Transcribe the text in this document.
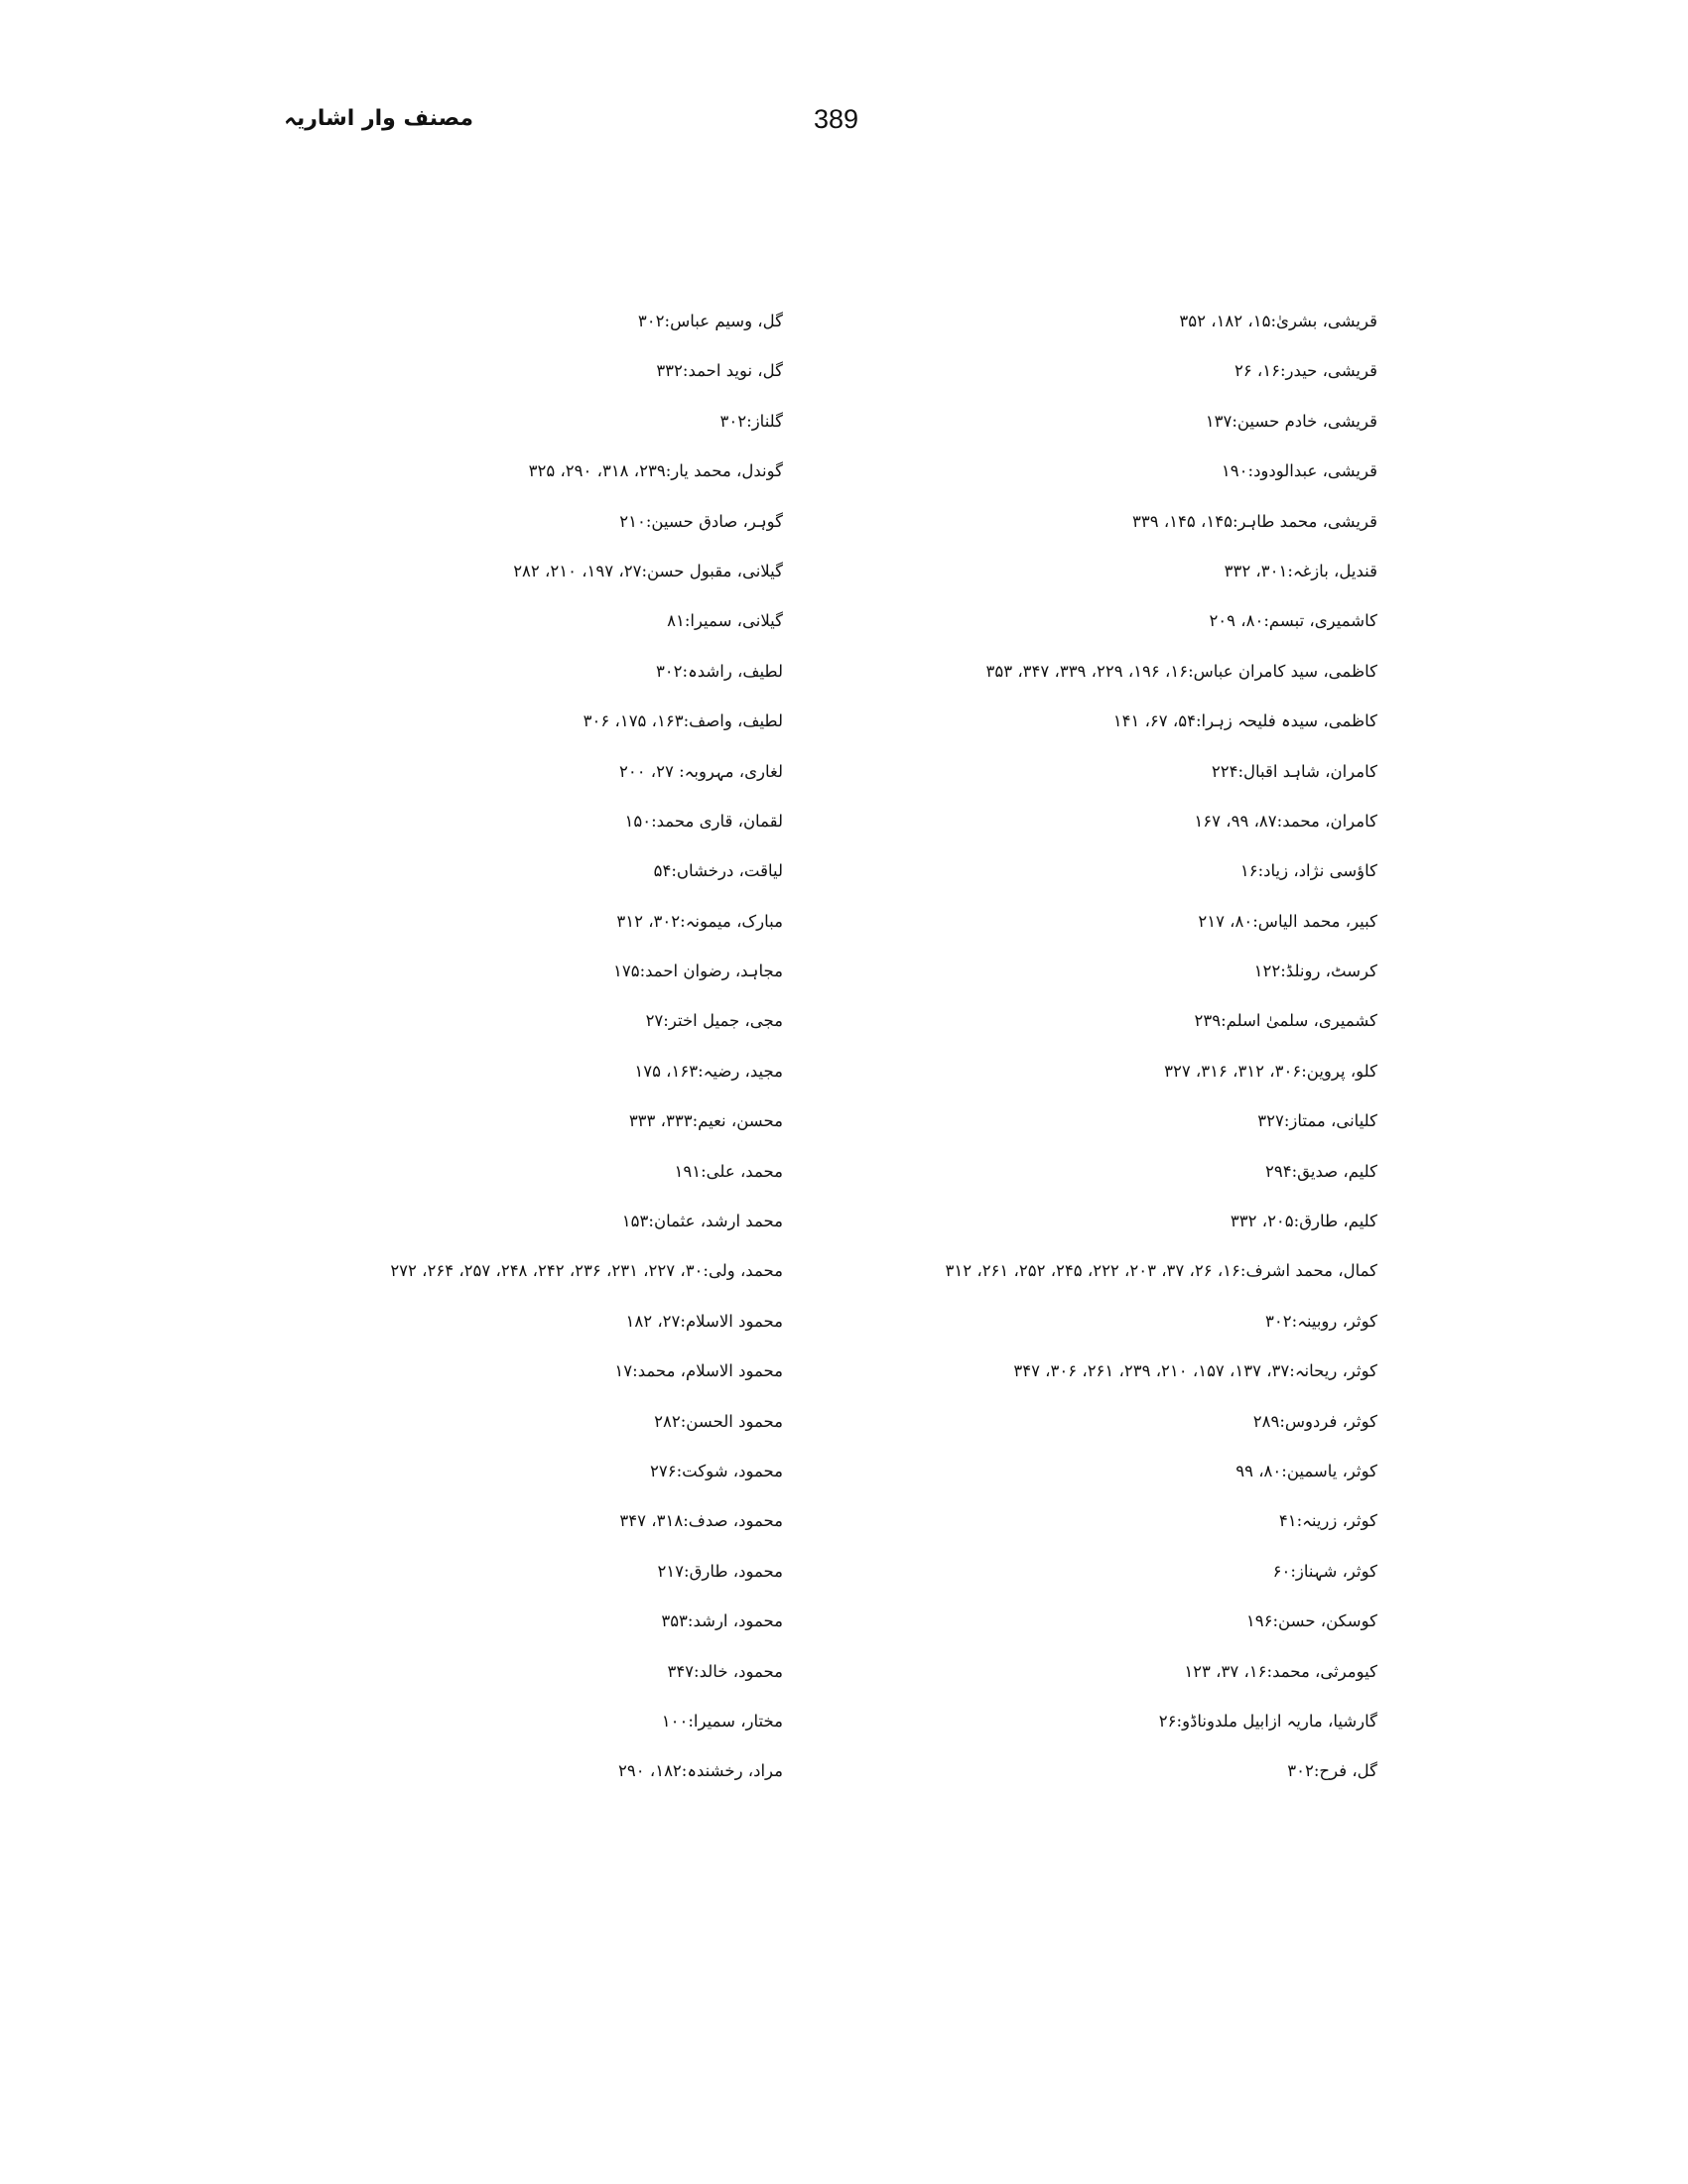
مصنف وار اشاریہ	389
قریشی، بشریٰ:۱۵، ۱۸۲، ۳۵۲
قریشی، حیدر:۱۶، ۲۶
قریشی، خادم حسین:۱۳۷
قریشی، عبدالودود:۱۹۰
قریشی، محمد طاہر:۱۴۵، ۱۴۵، ۳۳۹
قندیل، بازغہ:۳۰۱، ۳۳۲
کاشمیری، تبسم:۸۰، ۲۰۹
کاظمی، سید کامران عباس:۱۶، ۱۹۶، ۲۲۹، ۳۳۹، ۳۴۷، ۳۵۳
کاظمی، سیدہ فلیحہ زہرا:۵۴، ۶۷، ۱۴۱
کامران، شاہد اقبال:۲۲۴
کامران، محمد:۸۷، ۹۹، ۱۶۷
کاؤسی نژاد، زیاد:۱۶
کبیر، محمد الیاس:۸۰، ۲۱۷
کرسٹ، رونلڈ:۱۲۲
کشمیری، سلمیٰ اسلم:۲۳۹
کلو، پروین:۳۰۶، ۳۱۲، ۳۱۶، ۳۲۷
کلیانی، ممتاز:۳۲۷
کلیم، صدیق:۲۹۴
کلیم، طارق:۲۰۵، ۳۳۲
کمال، محمد اشرف:۱۶، ۲۶، ۳۷، ۲۰۳، ۲۲۲، ۲۴۵، ۲۵۲، ۲۶۱، ۳۱۲
کوثر، روبینہ:۳۰۲
کوثر، ریحانہ:۳۷، ۱۳۷، ۱۵۷، ۲۱۰، ۲۳۹، ۲۶۱، ۳۰۶، ۳۴۷
کوثر، فردوس:۲۸۹
کوثر، یاسمین:۸۰، ۹۹
کوثر، زرینہ:۴۱
کوثر، شہناز:۶۰
کوسکن، حسن:۱۹۶
کیومرثی، محمد:۱۶، ۳۷، ۱۲۳
گارشیا، ماریہ ازابیل ملدوناڈو:۲۶
گل، فرح:۳۰۲
گل، وسیم عباس:۳۰۲
گل، نوید احمد:۳۳۲
گلناز:۳۰۲
گوندل، محمد یار:۲۳۹، ۳۱۸، ۲۹۰، ۳۲۵
گوہر، صادق حسین:۲۱۰
گیلانی، مقبول حسن:۲۷، ۱۹۷، ۲۱۰، ۲۸۲
گیلانی، سمیرا:۸۱
لطیف، راشدہ:۳۰۲
لطیف، واصف:۱۶۳، ۱۷۵، ۳۰۶
لغاری، مہروبہ: ۲۷، ۲۰۰
لقمان، قاری محمد:۱۵۰
لیاقت، درخشاں:۵۴
مبارک، میمونہ:۳۰۲، ۳۱۲
مجاہد، رضوان احمد:۱۷۵
مجی، جمیل اختر:۲۷
مجید، رضیہ:۱۶۳، ۱۷۵
محسن، نعیم:۳۳۳، ۳۳۳
محمد، علی:۱۹۱
محمد ارشد، عثمان:۱۵۳
محمد، ولی:۳۰، ۲۲۷، ۲۳۱، ۲۳۶، ۲۴۲، ۲۴۸، ۲۵۷، ۲۶۴، ۲۷۲
محمود الاسلام:۲۷، ۱۸۲
محمود الاسلام، محمد:۱۷
محمود الحسن:۲۸۲
محمود، شوکت:۲۷۶
محمود، صدف:۳۱۸، ۳۴۷
محمود، طارق:۲۱۷
محمود، ارشد:۳۵۳
محمود، خالد:۳۴۷
مختار، سمیرا:۱۰۰
مراد، رخشندہ:۱۸۲، ۲۹۰
